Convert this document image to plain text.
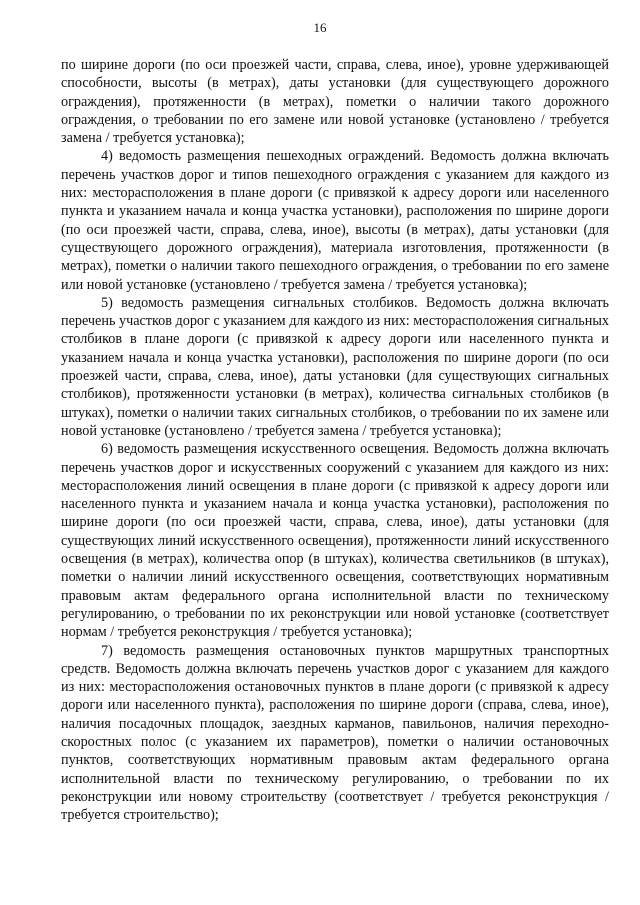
16

по ширине дороги (по оси проезжей части, справа, слева, иное), уровне удерживающей способности, высоты (в метрах), даты установки (для существующего дорожного ограждения), протяженности (в метрах), пометки о наличии такого дорожного ограждения, о требовании по его замене или новой установке (установлено / требуется замена / требуется установка);

4) ведомость размещения пешеходных ограждений. Ведомость должна включать перечень участков дорог и типов пешеходного ограждения с указанием для каждого из них: месторасположения в плане дороги (с привязкой к адресу дороги или населенного пункта и указанием начала и конца участка установки), расположения по ширине дороги (по оси проезжей части, справа, слева, иное), высоты (в метрах), даты установки (для существующего дорожного ограждения), материала изготовления, протяженности (в метрах), пометки о наличии такого пешеходного ограждения, о требовании по его замене или новой установке (установлено / требуется замена / требуется установка);

5) ведомость размещения сигнальных столбиков. Ведомость должна включать перечень участков дорог с указанием для каждого из них: месторасположения сигнальных столбиков в плане дороги (с привязкой к адресу дороги или населенного пункта и указанием начала и конца участка установки), расположения по ширине дороги (по оси проезжей части, справа, слева, иное), даты установки (для существующих сигнальных столбиков), протяженности установки (в метрах), количества сигнальных столбиков (в штуках), пометки о наличии таких сигнальных столбиков, о требовании по их замене или новой установке (установлено / требуется замена / требуется установка);

6) ведомость размещения искусственного освещения. Ведомость должна включать перечень участков дорог и искусственных сооружений с указанием для каждого из них: месторасположения линий освещения в плане дороги (с привязкой к адресу дороги или населенного пункта и указанием начала и конца участка установки), расположения по ширине дороги (по оси проезжей части, справа, слева, иное), даты установки (для существующих линий искусственного освещения), протяженности линий искусственного освещения (в метрах), количества опор (в штуках), количества светильников (в штуках), пометки о наличии линий искусственного освещения, соответствующих нормативным правовым актам федерального органа исполнительной власти по техническому регулированию, о требовании по их реконструкции или новой установке (соответствует нормам / требуется реконструкция / требуется установка);

7) ведомость размещения остановочных пунктов маршрутных транспортных средств. Ведомость должна включать перечень участков дорог с указанием для каждого из них: месторасположения остановочных пунктов в плане дороги (с привязкой к адресу дороги или населенного пункта), расположения по ширине дороги (справа, слева, иное), наличия посадочных площадок, заездных карманов, павильонов, наличия переходно-скоростных полос (с указанием их параметров), пометки о наличии остановочных пунктов, соответствующих нормативным правовым актам федерального органа исполнительной власти по техническому регулированию, о требовании по их реконструкции или новому строительству (соответствует / требуется реконструкция / требуется строительство);
